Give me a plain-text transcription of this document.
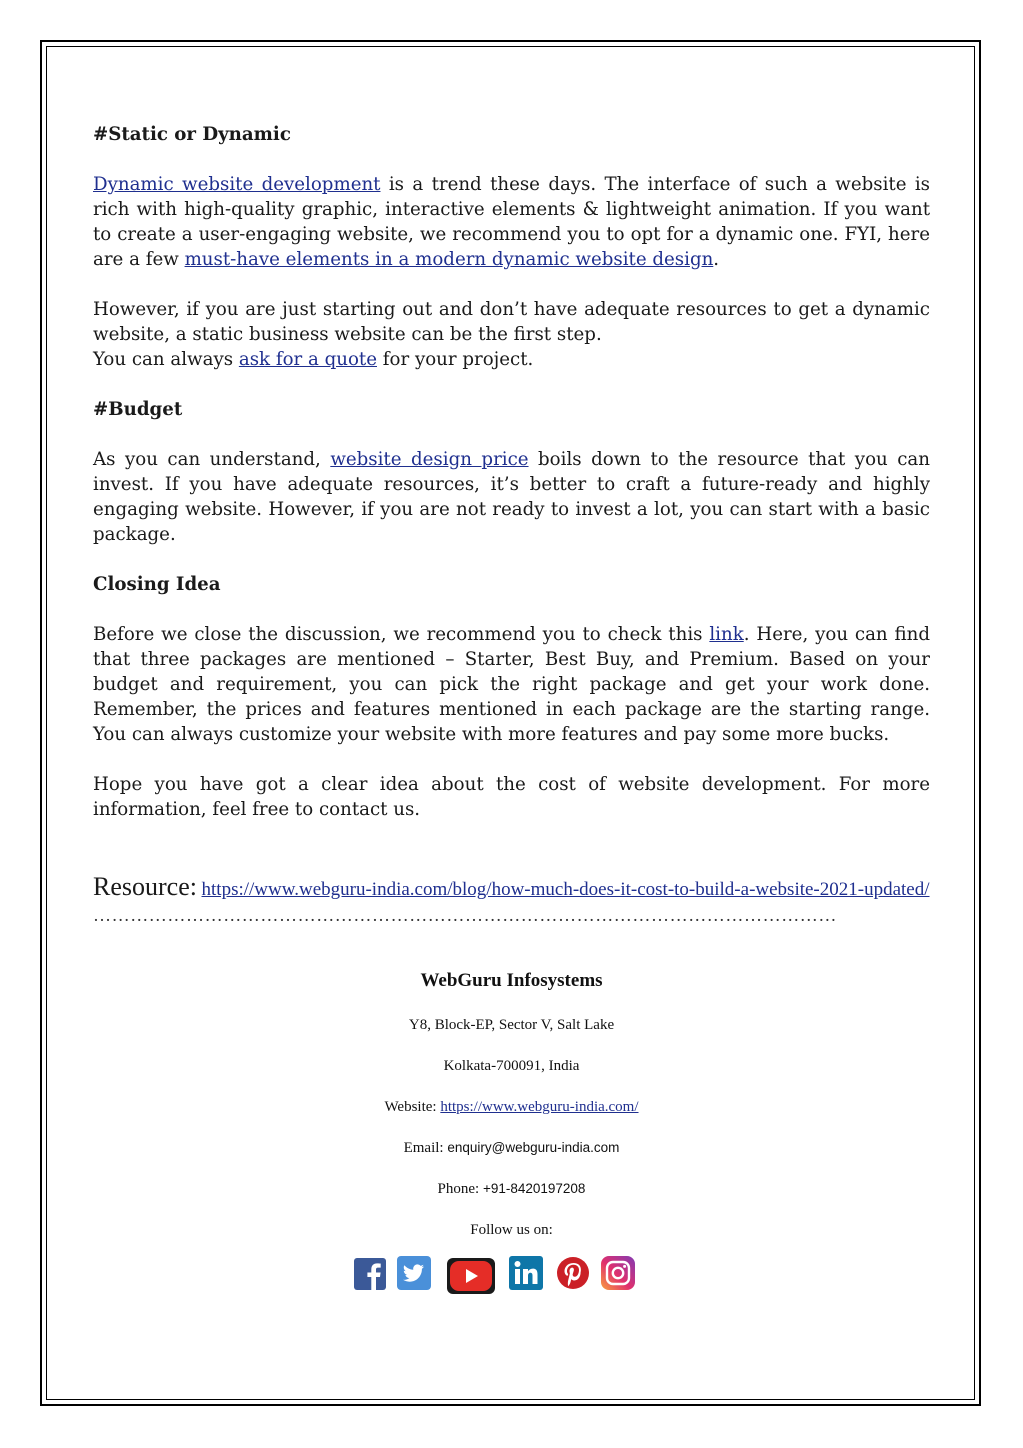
#Static or Dynamic
Dynamic website development is a trend these days. The interface of such a website is rich with high-quality graphic, interactive elements & lightweight animation. If you want to create a user-engaging website, we recommend you to opt for a dynamic one. FYI, here are a few must-have elements in a modern dynamic website design.
However, if you are just starting out and don’t have adequate resources to get a dynamic website, a static business website can be the first step.
You can always ask for a quote for your project.
#Budget
As you can understand, website design price boils down to the resource that you can invest. If you have adequate resources, it’s better to craft a future-ready and highly engaging website. However, if you are not ready to invest a lot, you can start with a basic package.
Closing Idea
Before we close the discussion, we recommend you to check this link. Here, you can find that three packages are mentioned – Starter, Best Buy, and Premium. Based on your budget and requirement, you can pick the right package and get your work done. Remember, the prices and features mentioned in each package are the starting range. You can always customize your website with more features and pay some more bucks.
Hope you have got a clear idea about the cost of website development. For more information, feel free to contact us.
Resource: https://www.webguru-india.com/blog/how-much-does-it-cost-to-build-a-website-2021-updated/
…………………………………………………………………………………………………………
WebGuru Infosystems
Y8, Block-EP, Sector V, Salt Lake
Kolkata-700091, India
Website: https://www.webguru-india.com/
Email: enquiry@webguru-india.com
Phone: +91-8420197208
Follow us on:
